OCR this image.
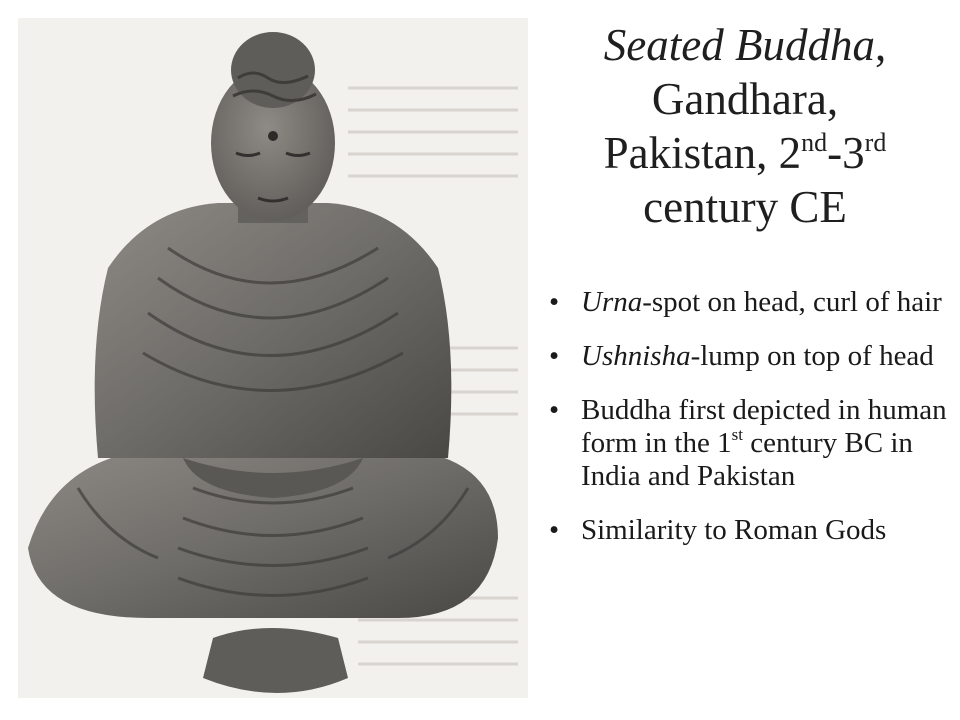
Seated Buddha,
Gandhara,
Pakistan, 2nd-3rd
century CE
• Urna-spot on head, curl of hair
• Ushnisha-lump on top of head
• Buddha first depicted in human form in the 1st century BC in India and Pakistan
• Similarity to Roman Gods
